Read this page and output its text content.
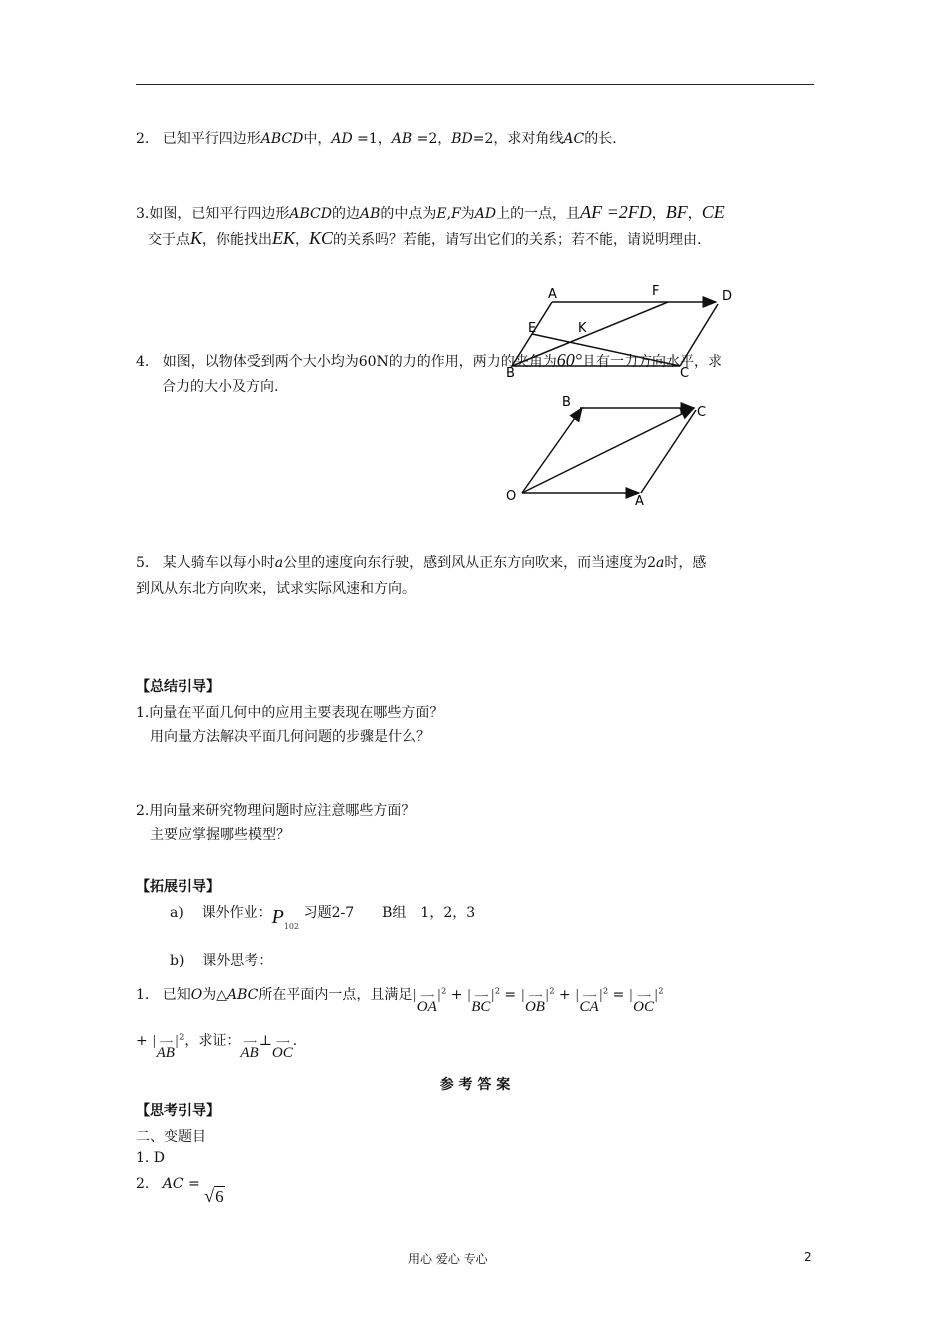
2. 已知平行四边形ABCD中，AD =1，AB =2，BD=2，求对角线AC的长.
3.如图，已知平行四边形ABCD的边AB的中点为E,F为AD上的一点，且AF =2FD，BF，CE
交于点K，你能找出EK，KC的关系吗？若能，请写出它们的关系；若不能，请说明理由.
A	F	D
E	K
B	C
4. 如图，以物体受到两个大小均为60N的力的作用，两力的夹角为60°且有一力方向水平，求
合力的大小及方向.
B
C
O	A
5. 某人骑车以每小时a公里的速度向东行驶，感到风从正东方向吹来，而当速度为2a时，感
到风从东北方向吹来，试求实际风速和方向。
【总结引导】
1.向量在平面几何中的应用主要表现在哪些方面？
用向量方法解决平面几何问题的步骤是什么？
2.用向量来研究物理问题时应注意哪些方面？
主要应掌握哪些模型？
【拓展引导】
a) 课外作业：$P_{102}$ 习题2-7　　B组　1，2，3
b) 课外思考：
1. 已知O为△ABC所在平面内一点，且满足| —→
OA
$|^2$ + | —→
BC
$|^2$ = | —→
OB
$|^2$ + | —→
CA
$|^2$ = | —→
OC
$|^2$
+ | —→
AB
$|^2$，求证： —→
AB
⊥ —→
OC
.
参 考 答 案
【思考引导】
二、变题目
1. D
2. AC = √6
用心 爱心 专心	2
